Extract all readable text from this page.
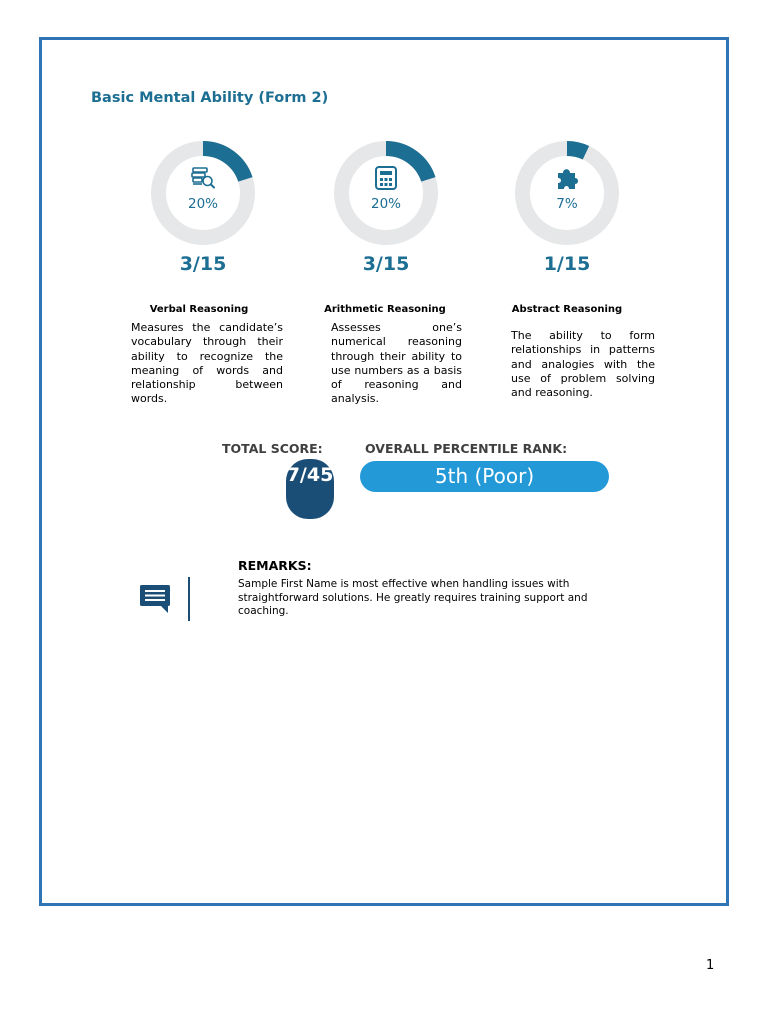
Basic Mental Ability (Form 2)
20%	20%	7%
3/15	3/15	1/15
Verbal Reasoning	Arithmetic Reasoning	Abstract Reasoning
Measures the candidate’s vocabulary through their ability to recognize the meaning of words and relationship between words.
Assesses one’s numerical reasoning through their ability to use numbers as a basis of reasoning and analysis.
The ability to form relationships in patterns and analogies with the use of problem solving and reasoning.
TOTAL SCORE:	OVERALL PERCENTILE RANK:
7/45	5th (Poor)
REMARKS:
Sample First Name is most effective when handling issues with straightforward solutions. He greatly requires training support and coaching.
1
